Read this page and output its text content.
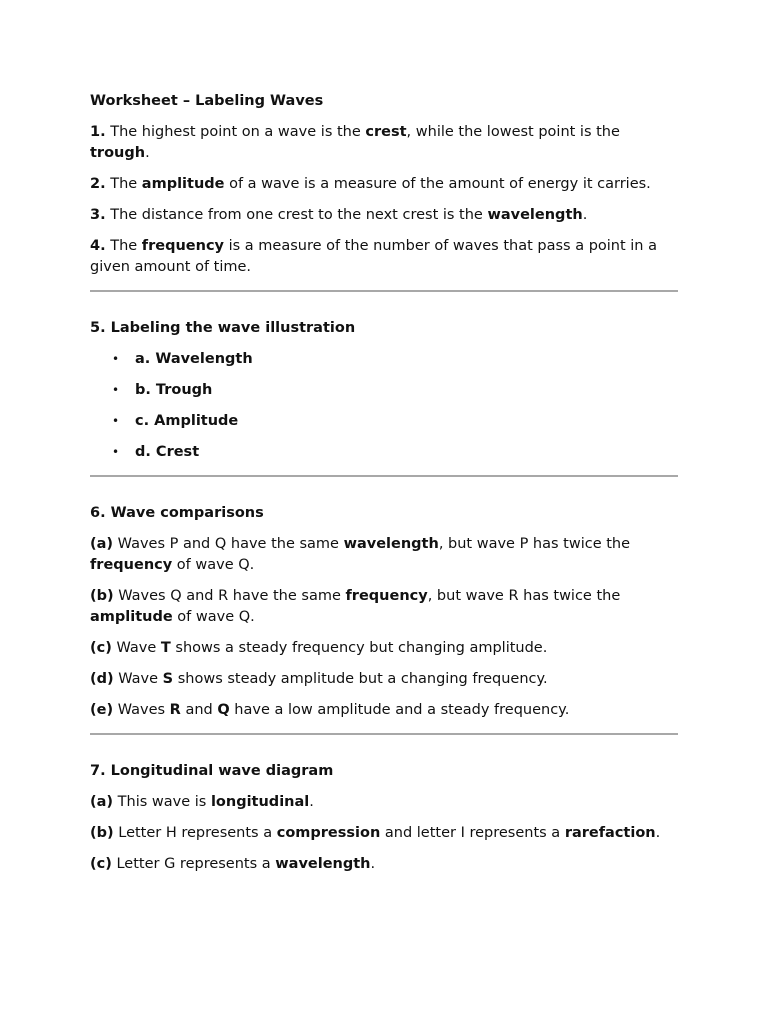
Worksheet – Labeling Waves

1. The highest point on a wave is the crest, while the lowest point is the trough.

2. The amplitude of a wave is a measure of the amount of energy it carries.

3. The distance from one crest to the next crest is the wavelength.

4. The frequency is a measure of the number of waves that pass a point in a given amount of time.

5. Labeling the wave illustration

• a. Wavelength
• b. Trough
• c. Amplitude
• d. Crest

6. Wave comparisons

(a) Waves P and Q have the same wavelength, but wave P has twice the frequency of wave Q.

(b) Waves Q and R have the same frequency, but wave R has twice the amplitude of wave Q.

(c) Wave T shows a steady frequency but changing amplitude.

(d) Wave S shows steady amplitude but a changing frequency.

(e) Waves R and Q have a low amplitude and a steady frequency.

7. Longitudinal wave diagram

(a) This wave is longitudinal.

(b) Letter H represents a compression and letter I represents a rarefaction.

(c) Letter G represents a wavelength.
